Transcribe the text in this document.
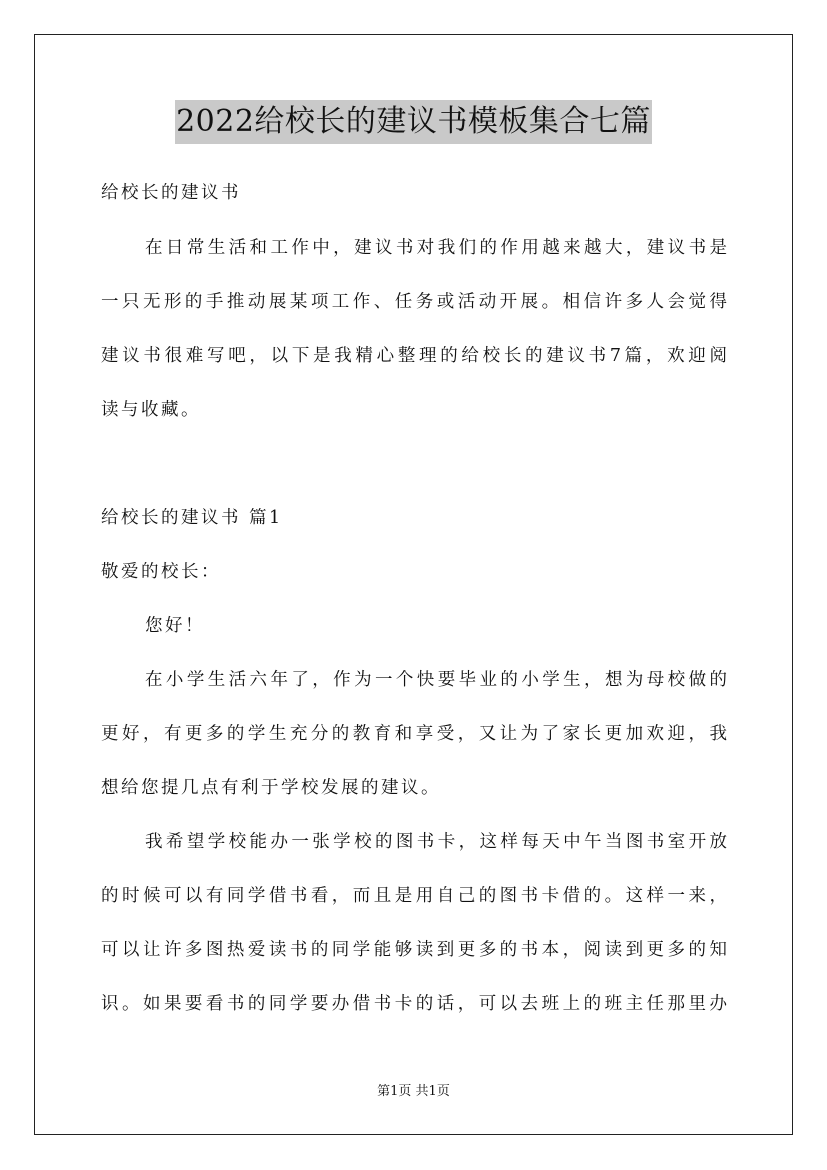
2022给校长的建议书模板集合七篇
给校长的建议书
在日常生活和工作中，建议书对我们的作用越来越大，建议书是
一只无形的手推动展某项工作、任务或活动开展。相信许多人会觉得
建议书很难写吧，以下是我精心整理的给校长的建议书7篇，欢迎阅
读与收藏。
给校长的建议书 篇1
敬爱的校长：
您好！
在小学生活六年了，作为一个快要毕业的小学生，想为母校做的
更好，有更多的学生充分的教育和享受，又让为了家长更加欢迎，我
想给您提几点有利于学校发展的建议。
我希望学校能办一张学校的图书卡，这样每天中午当图书室开放
的时候可以有同学借书看，而且是用自己的图书卡借的。这样一来，
可以让许多图热爱读书的同学能够读到更多的书本，阅读到更多的知
识。如果要看书的同学要办借书卡的话，可以去班上的班主任那里办
第1页 共1页
